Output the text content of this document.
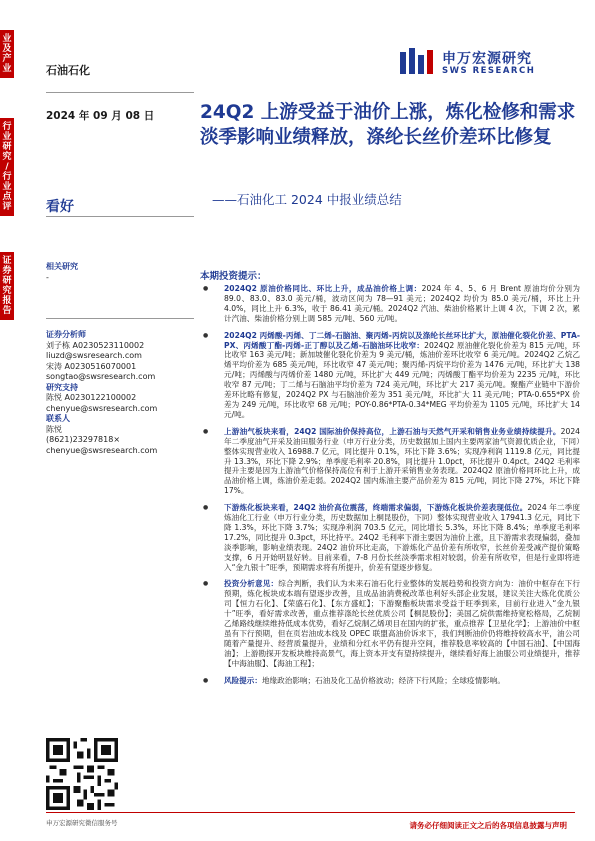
业
及
产
业
行
业
研
究
/
行
业
点
评
证
券
研
究
报
告
石油石化
2024 年 09 月 08 日
看好
申万宏源研究
SWS RESEARCH
24Q2 上游受益于油价上涨，炼化检修和需求淡季影响业绩释放，涤纶长丝价差环比修复
——石油化工 2024 中报业绩总结
相关研究
-
证券分析师
刘子栋 A0230523110002
liuzd@swsresearch.com
宋涛 A0230516070001
songtao@swsresearch.com
研究支持
陈悦 A0230122100002
chenyue@swsresearch.com
联系人
陈悦
(8621)23297818×
chenyue@swsresearch.com
本期投资提示：
● 2024Q2 原油价格同比、环比上升，成品油价格上调：2024 年 4、5、6 月 Brent 原油均价分别为 89.0、83.0、83.0 美元/桶，波动区间为 78—91 美元；2024Q2 均价为 85.0 美元/桶，环比上升 4.0%，同比上升 6.3%，收于 86.41 美元/桶。2024Q2 汽油、柴油价格累计上调 4 次，下调 2 次，累计汽油、柴油价格分别上调 585 元/吨、560 元/吨。
● 2024Q2 丙烯酸-丙烯、丁二烯-石脑油、聚丙烯-丙烷以及涤纶长丝环比扩大，原油催化裂化价差、PTA-PX、丙烯酸丁酯-丙烯-正丁醇以及乙烯-石脑油环比收窄：2024Q2 原油催化裂化价差为 815 元/吨，环比收窄 163 美元/吨；新加坡催化裂化价差为 9 美元/桶，炼油价差环比收窄 6 美元/吨。2024Q2 乙烷乙烯平均价差为 685 美元/吨，环比收窄 47 美元/吨；聚丙烯-丙烷平均价差为 1476 元/吨，环比扩大 138 元/吨；丙烯酸与丙烯价差 1480 元/吨，环比扩大 449 元/吨；丙烯酸丁酯平均价差为 2235 元/吨，环比收窄 87 元/吨；丁二烯与石脑油平均价差为 724 美元/吨，环比扩大 217 美元/吨。聚酯产业链中下游价差环比略有修复，2024Q2 PX 与石脑油价差为 351 美元/吨，环比扩大 11 美元/吨；PTA-0.655*PX 价差为 249 元/吨，环比收窄 68 元/吨；POY-0.86*PTA-0.34*MEG 平均价差为 1105 元/吨，环比扩大 14 元/吨。
● 上游油气板块来看，24Q2 国际油价保持高位，上游石油与天然气开采和销售业务业绩持续提升。2024 年二季度油气开采及油田服务行业（申万行业分类，历史数据加上国内主要两家油气资源优质企业，下同）整体实现营业收入 16988.7 亿元，同比提升 0.1%，环比下降 3.6%；实现净利润 1119.8 亿元，同比提升 13.3%，环比下降 2.9%；单季度毛利率 20.8%，同比提升 1.0pct，环比提升 0.4pct。24Q2 毛利率提升主要是因为上游油气价格保持高位有利于上游开采销售业务表现。2024Q2 原油价格同环比上升，成品油价格上调，炼油价差走弱。2024Q2 国内炼油主要产品价差为 815 元/吨，同比下降 27%，环比下降 17%。
● 下游炼化板块来看，24Q2 油价高位震荡，终端需求偏弱，下游炼化板块价差表现低位。2024 年二季度炼油化工行业（申万行业分类，历史数据加上桐昆股份，下同）整体实现营业收入 17941.3 亿元，同比下降 1.3%，环比下降 3.7%；实现净利润 703.5 亿元，同比增长 5.3%，环比下降 8.4%；单季度毛利率 17.2%，同比提升 0.3pct，环比持平。24Q2 毛利率下滑主要因为油价上涨，且下游需求表现偏弱，叠加淡季影响，影响业绩表现。24Q2 油价环比走高，下游炼化产品价差有所收窄，长丝价差受减产提价策略支撑，6 月开始明显好转。目前来看，7-8 月份长丝淡季需求相对较弱，价差有所收窄，但是行业即将进入“金九银十”旺季，预期需求将有所提升，价差有望逐步修复。
● 投资分析意见：综合判断，我们认为未来石油石化行业整体的发展趋势和投资方向为：油价中枢存在下行预期，炼化板块成本端有望逐步改善，且成品油消费税改革也利好头部企业发展，建议关注大炼化优质公司【恒力石化】、【荣盛石化】、【东方盛虹】；下游聚酯板块需求受益于旺季到来，目前行业进入“金九银十”旺季，看好需求改善，重点推荐涤纶长丝优质公司【桐昆股份】；美国乙烷供需维持宽松格局，乙烷制乙烯路线继续维持低成本优势，看好乙烷制乙烯项目在国内的扩张，重点推荐【卫星化学】；上游油价中枢虽有下行预期，但在页岩油成本线及 OPEC 联盟高油价诉求下，我们判断油价仍将维持较高水平，油公司随着产量提升、经营质量提升，业绩和分红水平仍有提升空间，推荐股息率较高的【中国石油】、【中国海油】；上游勘探开发板块维持高景气，海上资本开支有望持续提升，继续看好海上油服公司业绩提升，推荐【中海油服】、【海油工程】；
● 风险提示：地缘政治影响；石油及化工品价格波动；经济下行风险；全球疫情影响。
申万宏源研究微信服务号	请务必仔细阅读正文之后的各项信息披露与声明
